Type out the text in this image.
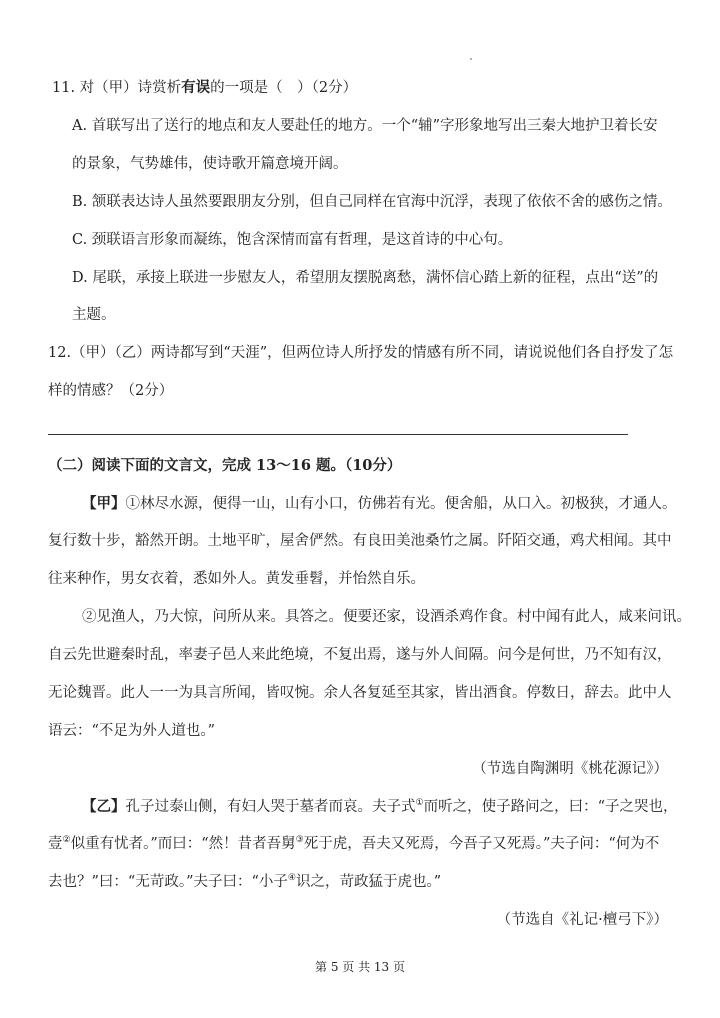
11. 对（甲）诗赏析有误的一项是（　）（2分）
A. 首联写出了送行的地点和友人要赴任的地方。一个“辅”字形象地写出三秦大地护卫着长安
的景象，气势雄伟，使诗歌开篇意境开阔。
B. 颔联表达诗人虽然要跟朋友分别，但自己同样在官海中沉浮，表现了依依不舍的感伤之情。
C. 颈联语言形象而凝练，饱含深情而富有哲理，是这首诗的中心句。
D. 尾联，承接上联进一步慰友人，希望朋友摆脱离愁，满怀信心踏上新的征程，点出“送”的
主题。
12.（甲）（乙）两诗都写到“天涯”，但两位诗人所抒发的情感有所不同，请说说他们各自抒发了怎
样的情感？（2分）
（二）阅读下面的文言文，完成 13～16 题。（10分）
【甲】①林尽水源，便得一山，山有小口，仿佛若有光。便舍船，从口入。初极狭，才通人。
复行数十步，豁然开朗。土地平旷，屋舍俨然。有良田美池桑竹之属。阡陌交通，鸡犬相闻。其中
往来种作，男女衣着，悉如外人。黄发垂髫，并怡然自乐。
②见渔人，乃大惊，问所从来。具答之。便要还家，设酒杀鸡作食。村中闻有此人，咸来问讯。
自云先世避秦时乱，率妻子邑人来此绝境，不复出焉，遂与外人间隔。问今是何世，乃不知有汉，
无论魏晋。此人一一为具言所闻，皆叹惋。余人各复延至其家，皆出酒食。停数日，辞去。此中人
语云：“不足为外人道也。”
（节选自陶渊明《桃花源记》）
【乙】孔子过泰山侧，有妇人哭于墓者而哀。夫子式①而听之，使子路问之，曰：“子之哭也，
壹②似重有忧者。”而曰：“然！昔者吾舅③死于虎，吾夫又死焉，今吾子又死焉。”夫子问：“何为不
去也？”曰：“无苛政。”夫子曰：“小子④识之，苛政猛于虎也。”
（节选自《礼记·檀弓下》）
第 5 页 共 13 页
